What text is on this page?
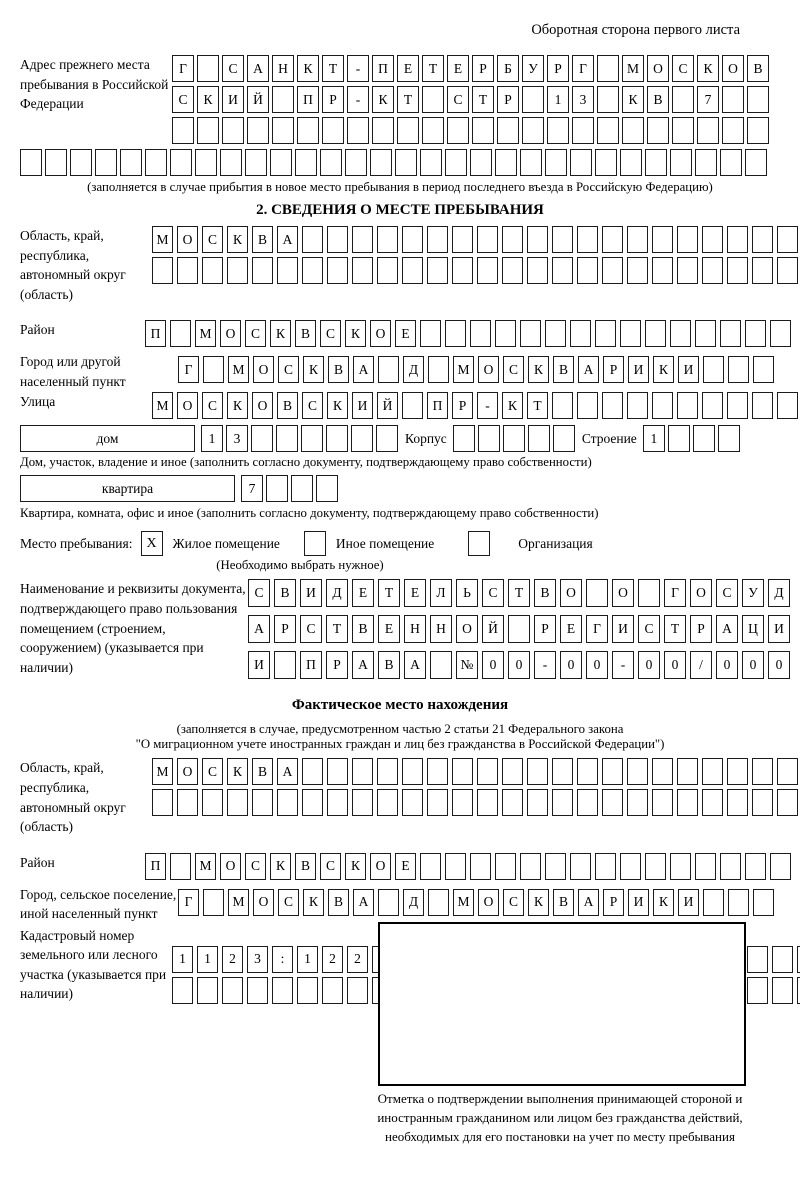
Оборотная сторона первого листа
Адрес прежнего места пребывания в Российской Федерации
Г	С	А	Н	К	Т	-	П	Е	Т	Е	Р	Б	У	Р	Г	М	О	С	К	О	В
С	К	И	Й	П	Р	-	К	Т	С	Т	Р	1	3	К	В	7
(заполняется в случае прибытия в новое место пребывания в период последнего въезда в Российскую Федерацию)
2. СВЕДЕНИЯ О МЕСТЕ ПРЕБЫВАНИЯ
Область, край, республика, автономный округ (область)
М	О	С	К	В	А
Район	П	М	О	С	К	В	С	К	О	Е
Город или другой населенный пункт
Г	М	О	С	К	В	А	Д	М	О	С	К	В	А	Р	И	К	И
Улица	М	О	С	К	О	В	С	К	И	Й	П	Р	-	К	Т
дом	1	3	Корпус	Строение	1
Дом, участок, владение и иное (заполнить согласно документу, подтверждающему право собственности)
квартира	7
Квартира, комната, офис и иное (заполнить согласно документу, подтверждающему право собственности)
Место пребывания: X	Жилое помещение	Иное помещение	Организация
(Необходимо выбрать нужное)
Наименование и реквизиты документа, подтверждающего право пользования помещением (строением, сооружением) (указывается при наличии)
С	В	И	Д	Е	Т	Е	Л	Ь	С	Т	В	О	О	Г	О	С	У	Д
А	Р	С	Т	В	Е	Н	Н	О	Й	Р	Е	Г	И	С	Т	Р	А	Ц	И
И	П	Р	А	В	А	№	0	0	-	0	0	-	0	0	/	0	0	0
Фактическое место нахождения
(заполняется в случае, предусмотренном частью 2 статьи 21 Федерального закона
"О миграционном учете иностранных граждан и лиц без гражданства в Российской Федерации")
Область, край, республика, автономный округ (область)
М	О	С	К	В	А
Район	П	М	О	С	К	В	С	К	О	Е
Город, сельское поселение, иной населенный пункт
Г	М	О	С	К	В	А	Д	М	О	С	К	В	А	Р	И	К	И
Кадастровый номер земельного или лесного участка (указывается при наличии)
1	1	2	3	:	1	2	2
Отметка о подтверждении выполнения принимающей стороной и иностранным гражданином или лицом без гражданства действий, необходимых для его постановки на учет по месту пребывания
